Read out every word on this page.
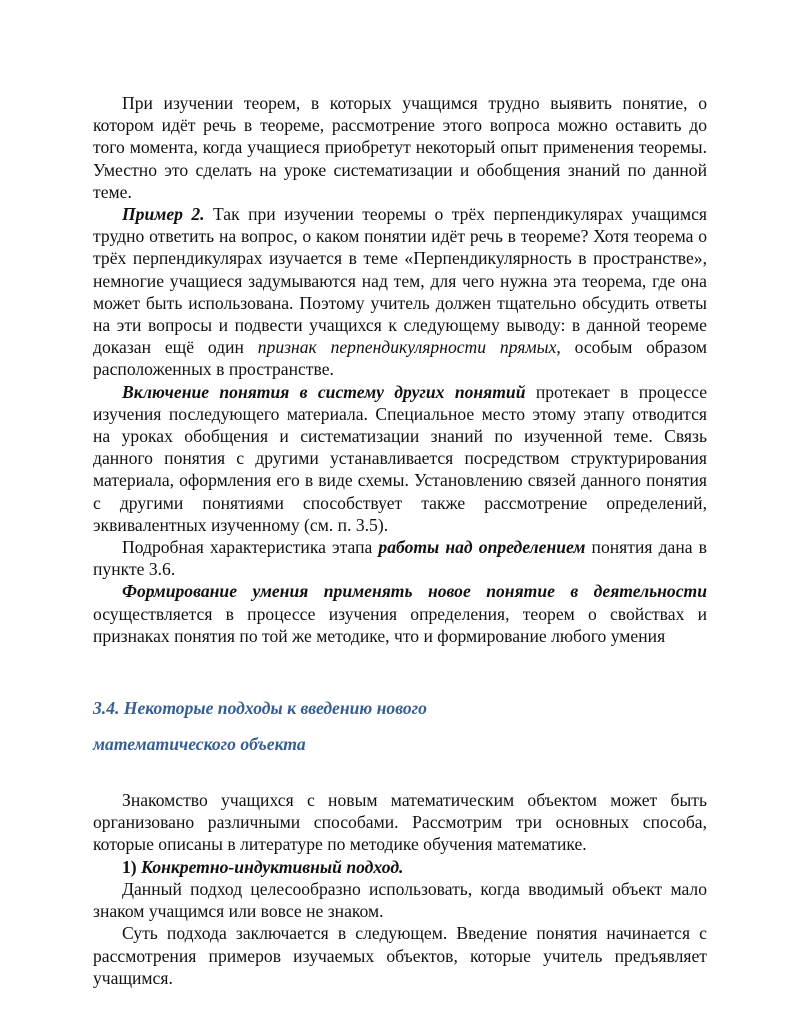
При изучении теорем, в которых учащимся трудно выявить понятие, о котором идёт речь в теореме, рассмотрение этого вопроса можно оставить до того момента, когда учащиеся приобретут некоторый опыт применения теоремы. Уместно это сделать на уроке систематизации и обобщения знаний по данной теме.

Пример 2. Так при изучении теоремы о трёх перпендикулярах учащимся трудно ответить на вопрос, о каком понятии идёт речь в теореме? Хотя теорема о трёх перпендикулярах изучается в теме «Перпендикулярность в пространстве», немногие учащиеся задумываются над тем, для чего нужна эта теорема, где она может быть использована. Поэтому учитель должен тщательно обсудить ответы на эти вопросы и подвести учащихся к следующему выводу: в данной теореме доказан ещё один признак перпендикулярности прямых, особым образом расположенных в пространстве.

Включение понятия в систему других понятий протекает в процессе изучения последующего материала. Специальное место этому этапу отводится на уроках обобщения и систематизации знаний по изученной теме. Связь данного понятия с другими устанавливается посредством структурирования материала, оформления его в виде схемы. Установлению связей данного понятия с другими понятиями способствует также рассмотрение определений, эквивалентных изученному (см. п. 3.5).

Подробная характеристика этапа работы над определением понятия дана в пункте 3.6.

Формирование умения применять новое понятие в деятельности осуществляется в процессе изучения определения, теорем о свойствах и признаках понятия по той же методике, что и формирование любого умения

3.4. Некоторые подходы к введению нового

математического объекта

Знакомство учащихся с новым математическим объектом может быть организовано различными способами. Рассмотрим три основных способа, которые описаны в литературе по методике обучения математике.

1) Конкретно-индуктивный подход.

Данный подход целесообразно использовать, когда вводимый объект мало знаком учащимся или вовсе не знаком.

Суть подхода заключается в следующем. Введение понятия начинается с рассмотрения примеров изучаемых объектов, которые учитель предъявляет учащимся.
